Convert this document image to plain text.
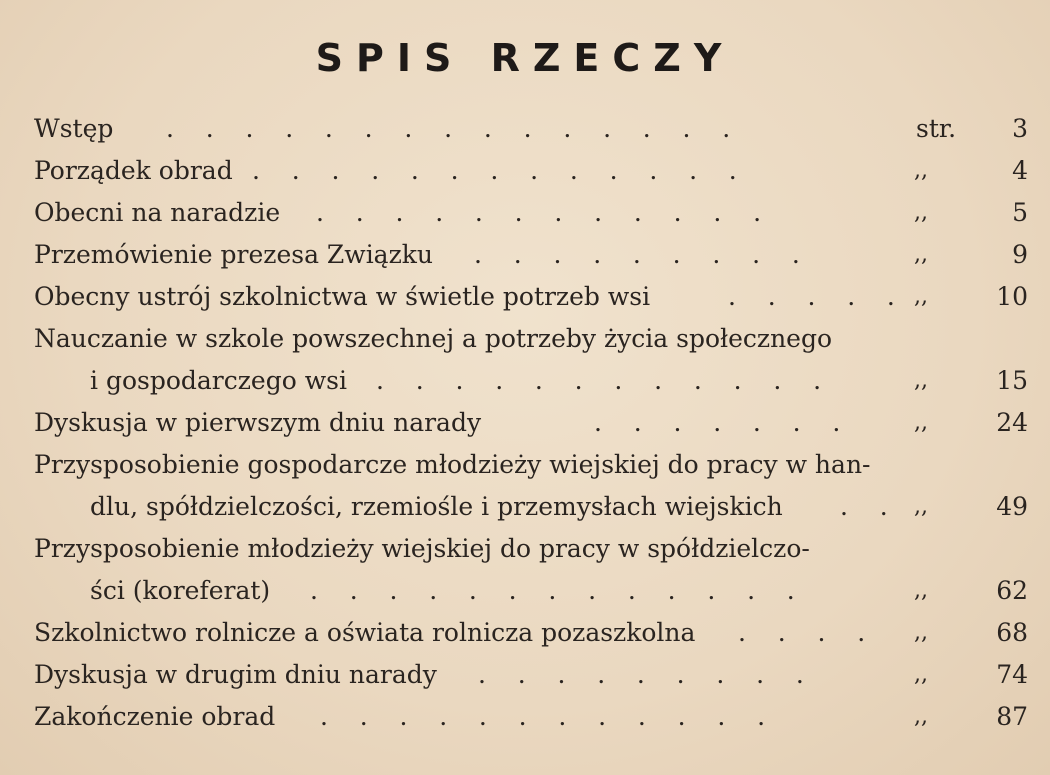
SPIS RZECZY
Wstęp .    .    .    .    .    .    .    .    .    .    .    .    .    .    .	str. 3
Porządek obrad .    .    .    .    .    .    .    .    .    .    .    .    .	,,	4
Obecni na naradzie .    .    .    .    .    .    .    .    .    .    .    .	,,	5
Przemówienie prezesa Związku .    .    .    .    .    .    .    .    .	,,	9
Obecny ustrój szkolnictwa w świetle potrzeb wsi	.    .    .    .    . ,,	10
Nauczanie w szkole powszechnej a potrzeby życia społecznego
i gospodarczego wsi .    .    .    .    .    .    .    .    .    .    .    .	,,	15
Dyskusja w pierwszym dniu narady	.    .    .    .    .    .    .	,,	24
Przysposobienie gospodarcze młodzieży wiejskiej do pracy w han-
dlu, spółdzielczości, rzemiośle i przemysłach wiejskich .    .	,,	49
Przysposobienie młodzieży wiejskiej do pracy w spółdzielczo-
ści (koreferat) .    .    .    .    .    .    .    .    .    .    .    .    .	,,	62
Szkolnictwo rolnicze a oświata rolnicza pozaszkolna .    .    .    .	,,	68
Dyskusja w drugim dniu narady .    .    .    .    .    .    .    .    .	,,	74
Zakończenie obrad .    .    .    .    .    .    .    .    .    .    .    .	,,	87
